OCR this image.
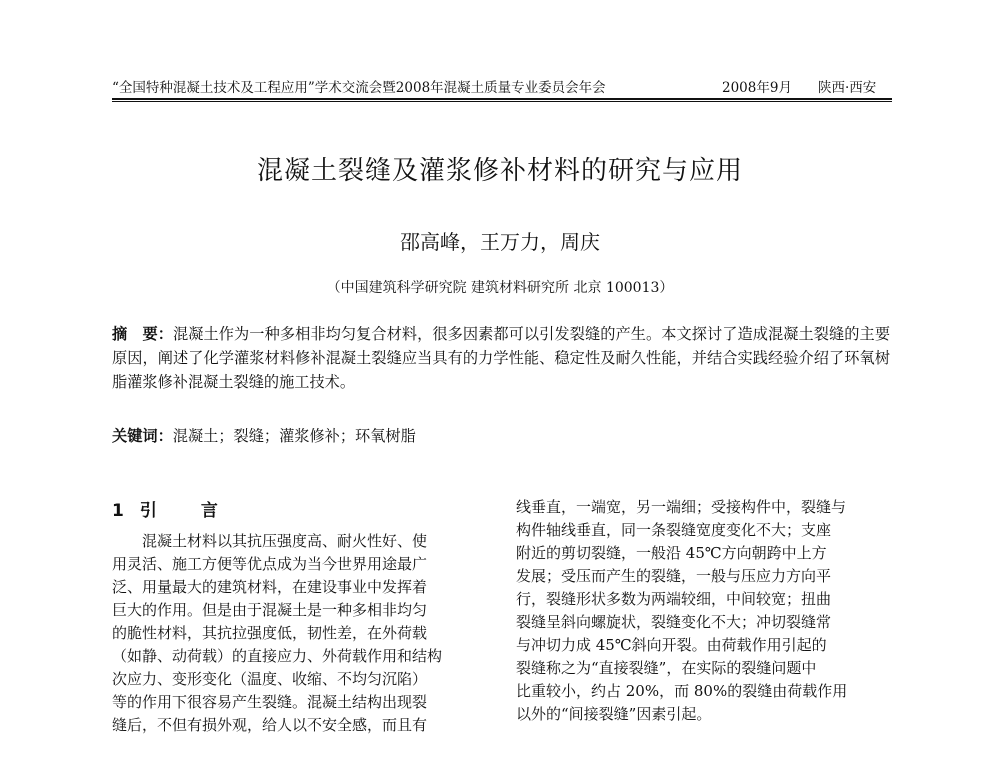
“全国特种混凝土技术及工程应用”学术交流会暨2008年混凝土质量专业委员会年会	2008年9月 陕西·西安
混凝土裂缝及灌浆修补材料的研究与应用
邵高峰，王万力，周庆
（中国建筑科学研究院 建筑材料研究所 北京 100013）
摘　要：混凝土作为一种多相非均匀复合材料，很多因素都可以引发裂缝的产生。本文探讨了造成混凝土裂缝的主要原因，阐述了化学灌浆材料修补混凝土裂缝应当具有的力学性能、稳定性及耐久性能，并结合实践经验介绍了环氧树脂灌浆修补混凝土裂缝的施工技术。
关键词：混凝土；裂缝；灌浆修补；环氧树脂
1 引	言
　　混凝土材料以其抗压强度高、耐火性好、使
用灵活、施工方便等优点成为当今世界用途最广
泛、用量最大的建筑材料，在建设事业中发挥着
巨大的作用。但是由于混凝土是一种多相非均匀
的脆性材料，其抗拉强度低，韧性差，在外荷载
（如静、动荷载）的直接应力、外荷载作用和结构
次应力、变形变化（温度、收缩、不均匀沉陷）
等的作用下很容易产生裂缝。混凝土结构出现裂
缝后，不但有损外观，给人以不安全感，而且有
线垂直，一端宽，另一端细；受接构件中，裂缝与
构件轴线垂直，同一条裂缝宽度变化不大；支座
附近的剪切裂缝，一般沿 45℃方向朝跨中上方
发展；受压而产生的裂缝，一般与压应力方向平
行，裂缝形状多数为两端较细，中间较宽；扭曲
裂缝呈斜向螺旋状，裂缝变化不大；冲切裂缝常
与冲切力成 45℃斜向开裂。由荷载作用引起的
裂缝称之为“直接裂缝”，在实际的裂缝问题中
比重较小，约占 20%，而 80%的裂缝由荷载作用
以外的“间接裂缝”因素引起。
